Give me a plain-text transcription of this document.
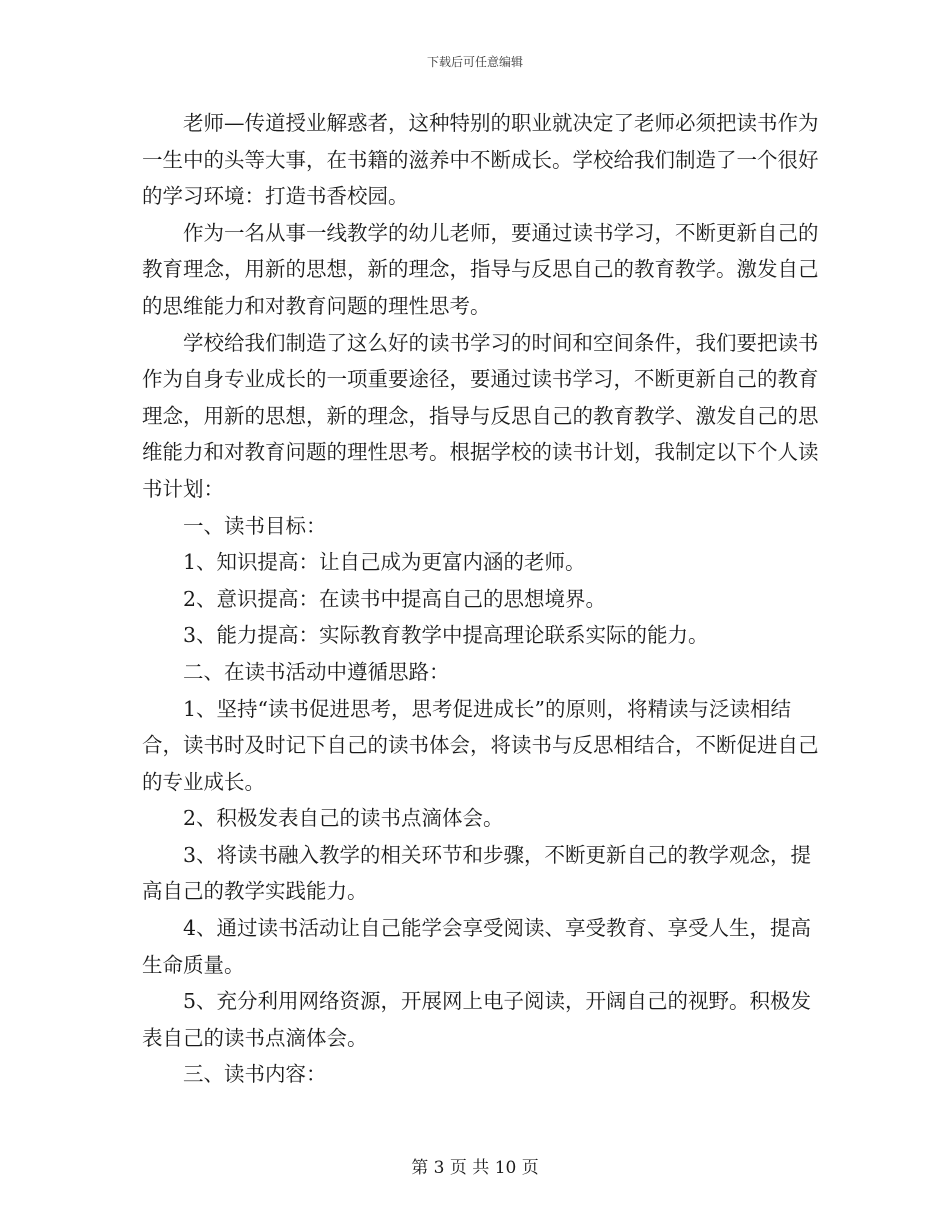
下载后可任意编辑

老师—传道授业解惑者，这种特别的职业就决定了老师必须把读书作为一生中的头等大事，在书籍的滋养中不断成长。学校给我们制造了一个很好的学习环境：打造书香校园。

作为一名从事一线教学的幼儿老师，要通过读书学习，不断更新自己的教育理念，用新的思想，新的理念，指导与反思自己的教育教学。激发自己的思维能力和对教育问题的理性思考。

学校给我们制造了这么好的读书学习的时间和空间条件，我们要把读书作为自身专业成长的一项重要途径，要通过读书学习，不断更新自己的教育理念，用新的思想，新的理念，指导与反思自己的教育教学、激发自己的思维能力和对教育问题的理性思考。根据学校的读书计划，我制定以下个人读书计划：

一、读书目标：

1、知识提高：让自己成为更富内涵的老师。

2、意识提高：在读书中提高自己的思想境界。

3、能力提高：实际教育教学中提高理论联系实际的能力。

二、在读书活动中遵循思路：

1、坚持“读书促进思考，思考促进成长”的原则，将精读与泛读相结合，读书时及时记下自己的读书体会，将读书与反思相结合，不断促进自己的专业成长。

2、积极发表自己的读书点滴体会。

3、将读书融入教学的相关环节和步骤，不断更新自己的教学观念，提高自己的教学实践能力。

4、通过读书活动让自己能学会享受阅读、享受教育、享受人生，提高生命质量。

5、充分利用网络资源，开展网上电子阅读，开阔自己的视野。积极发表自己的读书点滴体会。

三、读书内容：

第 3 页 共 10 页
